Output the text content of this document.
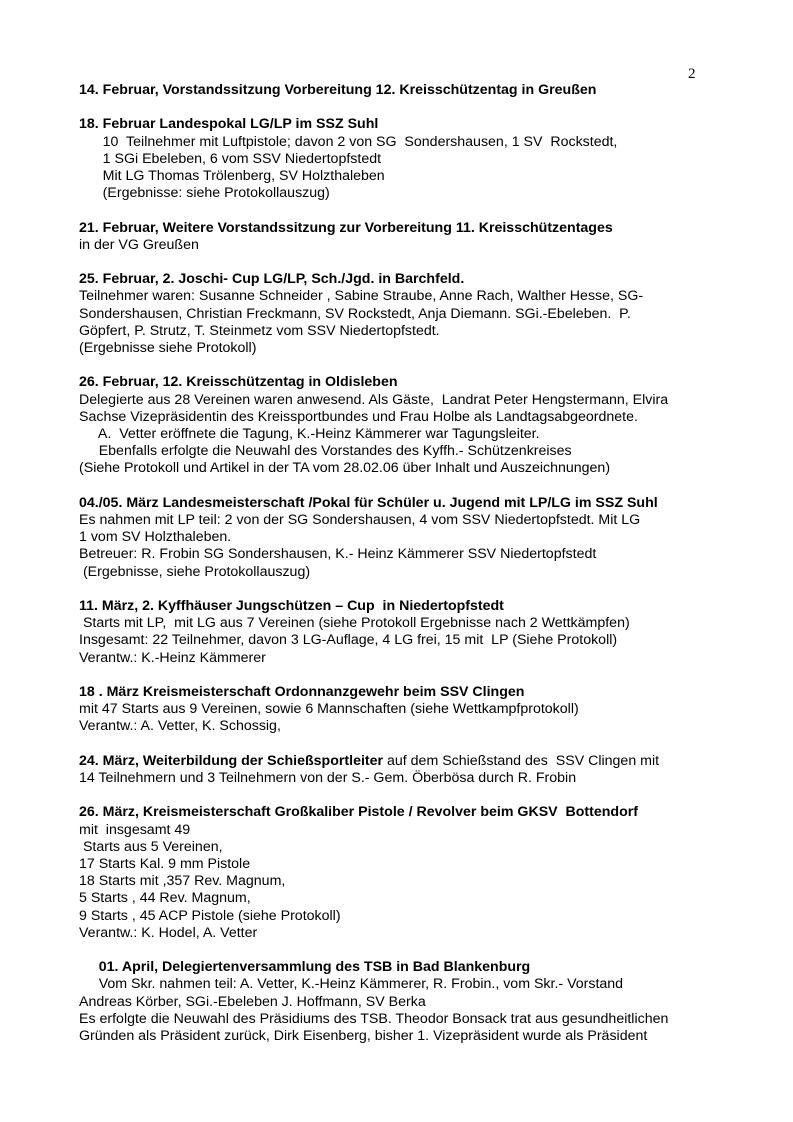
2
14. Februar, Vorstandssitzung Vorbereitung 12. Kreisschützentag in Greußen
18. Februar Landespokal LG/LP im SSZ Suhl
10  Teilnehmer mit Luftpistole; davon 2 von SG  Sondershausen, 1 SV  Rockstedt,
1 SGi Ebeleben, 6 vom SSV Niedertopfstedt
Mit LG Thomas Trölenberg, SV Holzthaleben
(Ergebnisse: siehe Protokollauszug)
21. Februar, Weitere Vorstandssitzung zur Vorbereitung 11. Kreisschützentages
in der VG Greußen
25. Februar, 2. Joschi- Cup LG/LP, Sch./Jgd. in Barchfeld.
Teilnehmer waren: Susanne Schneider , Sabine Straube, Anne Rach, Walther Hesse, SG-
Sondershausen, Christian Freckmann, SV Rockstedt, Anja Diemann. SGi.-Ebeleben.  P.
Göpfert, P. Strutz, T. Steinmetz vom SSV Niedertopfstedt.
(Ergebnisse siehe Protokoll)
26. Februar, 12. Kreisschützentag in Oldisleben
Delegierte aus 28 Vereinen waren anwesend. Als Gäste,  Landrat Peter Hengstermann, Elvira
Sachse Vizepräsidentin des Kreissportbundes und Frau Holbe als Landtagsabgeordnete.
A.  Vetter eröffnete die Tagung, K.-Heinz Kämmerer war Tagungsleiter.
Ebenfalls erfolgte die Neuwahl des Vorstandes des Kyffh.- Schützenkreises
(Siehe Protokoll und Artikel in der TA vom 28.02.06 über Inhalt und Auszeichnungen)
04./05. März Landesmeisterschaft /Pokal für Schüler u. Jugend mit LP/LG im SSZ Suhl
Es nahmen mit LP teil: 2 von der SG Sondershausen, 4 vom SSV Niedertopfstedt. Mit LG
1 vom SV Holzthaleben.
Betreuer: R. Frobin SG Sondershausen, K.- Heinz Kämmerer SSV Niedertopfstedt
(Ergebnisse, siehe Protokollauszug)
11. März, 2. Kyffhäuser Jungschützen – Cup  in Niedertopfstedt
Starts mit LP,  mit LG aus 7 Vereinen (siehe Protokoll Ergebnisse nach 2 Wettkämpfen)
Insgesamt: 22 Teilnehmer, davon 3 LG-Auflage, 4 LG frei, 15 mit  LP (Siehe Protokoll)
Verantw.: K.-Heinz Kämmerer
18 . März Kreismeisterschaft Ordonnanzgewehr beim SSV Clingen
mit 47 Starts aus 9 Vereinen, sowie 6 Mannschaften (siehe Wettkampfprotokoll)
Verantw.: A. Vetter, K. Schossig,
24. März, Weiterbildung der Schießsportleiter auf dem Schießstand des  SSV Clingen mit
14 Teilnehmern und 3 Teilnehmern von der S.- Gem. Öberbösa durch R. Frobin
26. März, Kreismeisterschaft Großkaliber Pistole / Revolver beim GKSV  Bottendorf
mit  insgesamt 49
Starts aus 5 Vereinen,
17 Starts Kal. 9 mm Pistole
18 Starts mit ,357 Rev. Magnum,
5 Starts , 44 Rev. Magnum,
9 Starts , 45 ACP Pistole (siehe Protokoll)
Verantw.: K. Hodel, A. Vetter
01. April, Delegiertenversammlung des TSB in Bad Blankenburg
Vom Skr. nahmen teil: A. Vetter, K.-Heinz Kämmerer, R. Frobin., vom Skr.- Vorstand
Andreas Körber, SGi.-Ebeleben J. Hoffmann, SV Berka
Es erfolgte die Neuwahl des Präsidiums des TSB. Theodor Bonsack trat aus gesundheitlichen
Gründen als Präsident zurück, Dirk Eisenberg, bisher 1. Vizepräsident wurde als Präsident
